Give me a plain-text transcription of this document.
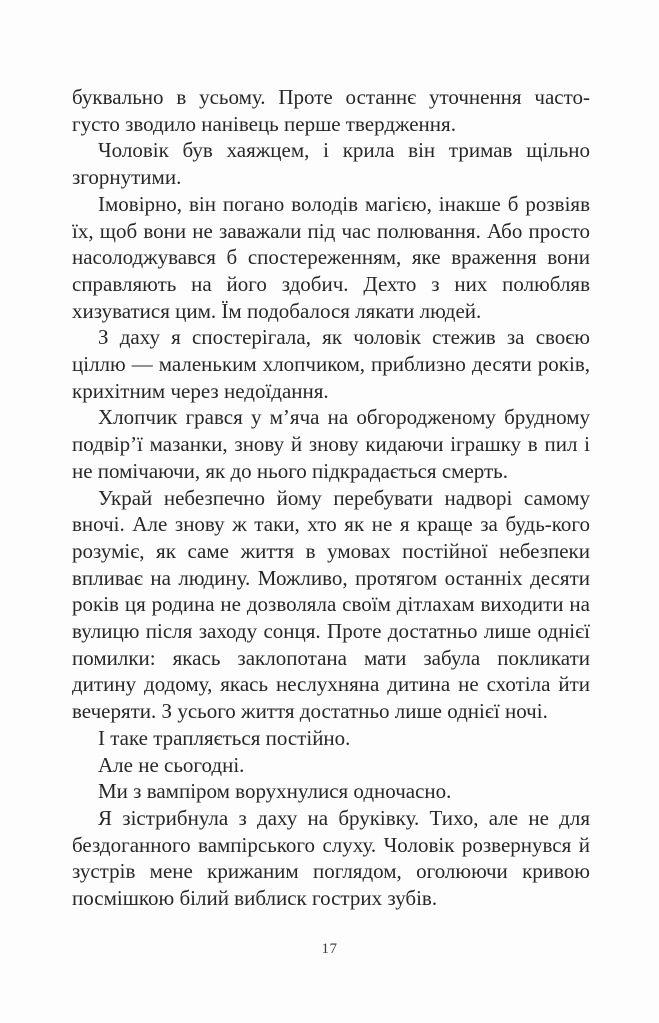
буквально в усьому. Проте останнє уточнення часто-густо зводило нанівець перше твердження.

Чоловік був хаяжцем, і крила він тримав щільно згорнутими.

Імовірно, він погано володів магією, інакше б розвіяв їх, щоб вони не заважали під час полювання. Або просто насолоджувався б спостереженням, яке враження вони справляють на його здобич. Дехто з них полюбляв хизуватися цим. Їм подобалося лякати людей.

З даху я спостерігала, як чоловік стежив за своєю ціллю — маленьким хлопчиком, приблизно десяти років, крихітним через недоїдання.

Хлопчик грався у м’яча на обгородженому брудному подвір’ї мазанки, знову й знову кидаючи іграшку в пил і не помічаючи, як до нього підкрадається смерть.

Украй небезпечно йому перебувати надворі самому вночі. Але знову ж таки, хто як не я краще за будь-кого розуміє, як саме життя в умовах постійної небезпеки впливає на людину. Можливо, протягом останніх десяти років ця родина не дозволяла своїм дітлахам виходити на вулицю після заходу сонця. Проте достатньо лише однієї помилки: якась заклопотана мати забула покликати дитину додому, якась неслухняна дитина не схотіла йти вечеряти. З усього життя достатньо лише однієї ночі.

І таке трапляється постійно.

Але не сьогодні.

Ми з вампіром ворухнулися одночасно.

Я зістрибнула з даху на бруківку. Тихо, але не для бездоганного вампірського слуху. Чоловік розвернувся й зустрів мене крижаним поглядом, оголюючи кривою посмішкою білий виблиск гострих зубів.

17
